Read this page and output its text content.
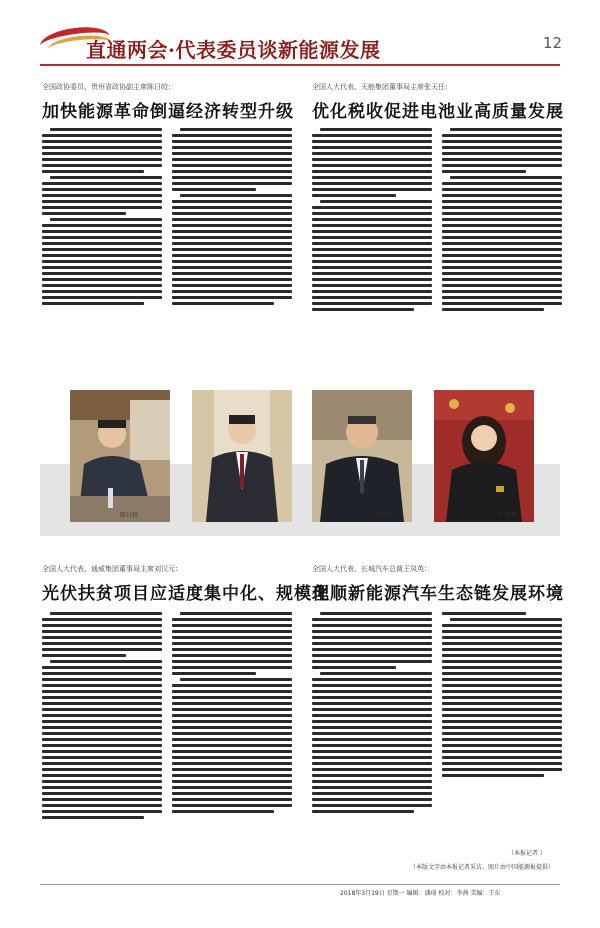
直通两会·代表委员谈新能源发展	12
全国政协委员、贵州省政协副主席陈日皎：
加快能源革命倒逼经济转型升级
全国人大代表、天能集团董事局主席张天任：
优化税收促进电池业高质量发展
陈日皎	张天任	刘汉元	王凤英
全国人大代表、通威集团董事局主席刘汉元：
光伏扶贫项目应适度集中化、规模化
全国人大代表、长城汽车总裁王凤英：
理顺新能源汽车生态链发展环境
（本报记者 ）
（本版文字由本报记者采访，图片由中国能源报提供）
2018年3月19日 星期一 编辑：潘琦 校对：李茜 美编：王东
